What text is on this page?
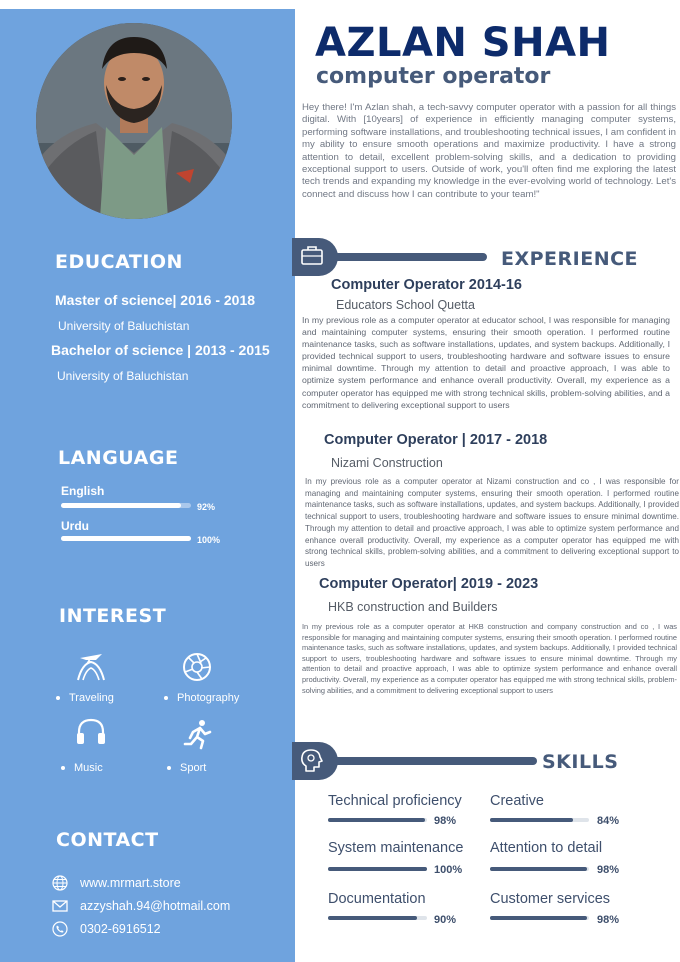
EDUCATION
Master of science| 2016 - 2018
University of Baluchistan
Bachelor of science | 2013 - 2015
University of Baluchistan
LANGUAGE
English
92%
Urdu
100%
INTEREST
Traveling	Photography
Music	Sport
CONTACT
www.mrmart.store
azzyshah.94@hotmail.com
0302-6916512
AZLAN SHAH
computer operator
Hey there! I'm Azlan shah, a tech-savvy computer operator with a passion for all things digital. With [10years] of experience in efficiently managing computer systems, performing software installations, and troubleshooting technical issues, I am confident in my ability to ensure smooth operations and maximize productivity. I have a strong attention to detail, excellent problem-solving skills, and a dedication to providing exceptional support to users. Outside of work, you'll often find me exploring the latest tech trends and expanding my knowledge in the ever-evolving world of technology. Let's connect and discuss how I can contribute to your team!"
EXPERIENCE
Computer Operator 2014-16
Educators School Quetta
In my previous role as a computer operator at educator school, I was responsible for managing and maintaining computer systems, ensuring their smooth operation. I performed routine maintenance tasks, such as software installations, updates, and system backups. Additionally, I provided technical support to users, troubleshooting hardware and software issues to ensure minimal downtime. Through my attention to detail and proactive approach, I was able to optimize system performance and enhance overall productivity. Overall, my experience as a computer operator has equipped me with strong technical skills, problem-solving abilities, and a commitment to delivering exceptional support to users
Computer Operator | 2017 - 2018
Nizami Construction
In my previous role as a computer operator at Nizami construction and co , I was responsible for managing and maintaining computer systems, ensuring their smooth operation. I performed routine maintenance tasks, such as software installations, updates, and system backups. Additionally, I provided technical support to users, troubleshooting hardware and software issues to ensure minimal downtime. Through my attention to detail and proactive approach, I was able to optimize system performance and enhance overall productivity. Overall, my experience as a computer operator has equipped me with strong technical skills, problem-solving abilities, and a commitment to delivering exceptional support to users
Computer Operator| 2019 - 2023
HKB construction and Builders
In my previous role as a computer operator at HKB construction and company construction and co , I was responsible for managing and maintaining computer systems, ensuring their smooth operation. I performed routine maintenance tasks, such as software installations, updates, and system backups. Additionally, I provided technical support to users, troubleshooting hardware and software issues to ensure minimal downtime. Through my attention to detail and proactive approach, I was able to optimize system performance and enhance overall productivity. Overall, my experience as a computer operator has equipped me with strong technical skills, problem-solving abilities, and a commitment to delivering exceptional support to users
SKILLS
Technical proficiency
98%
Creative
84%
System maintenance
100%
Attention to detail
98%
Documentation
90%
Customer services
98%
